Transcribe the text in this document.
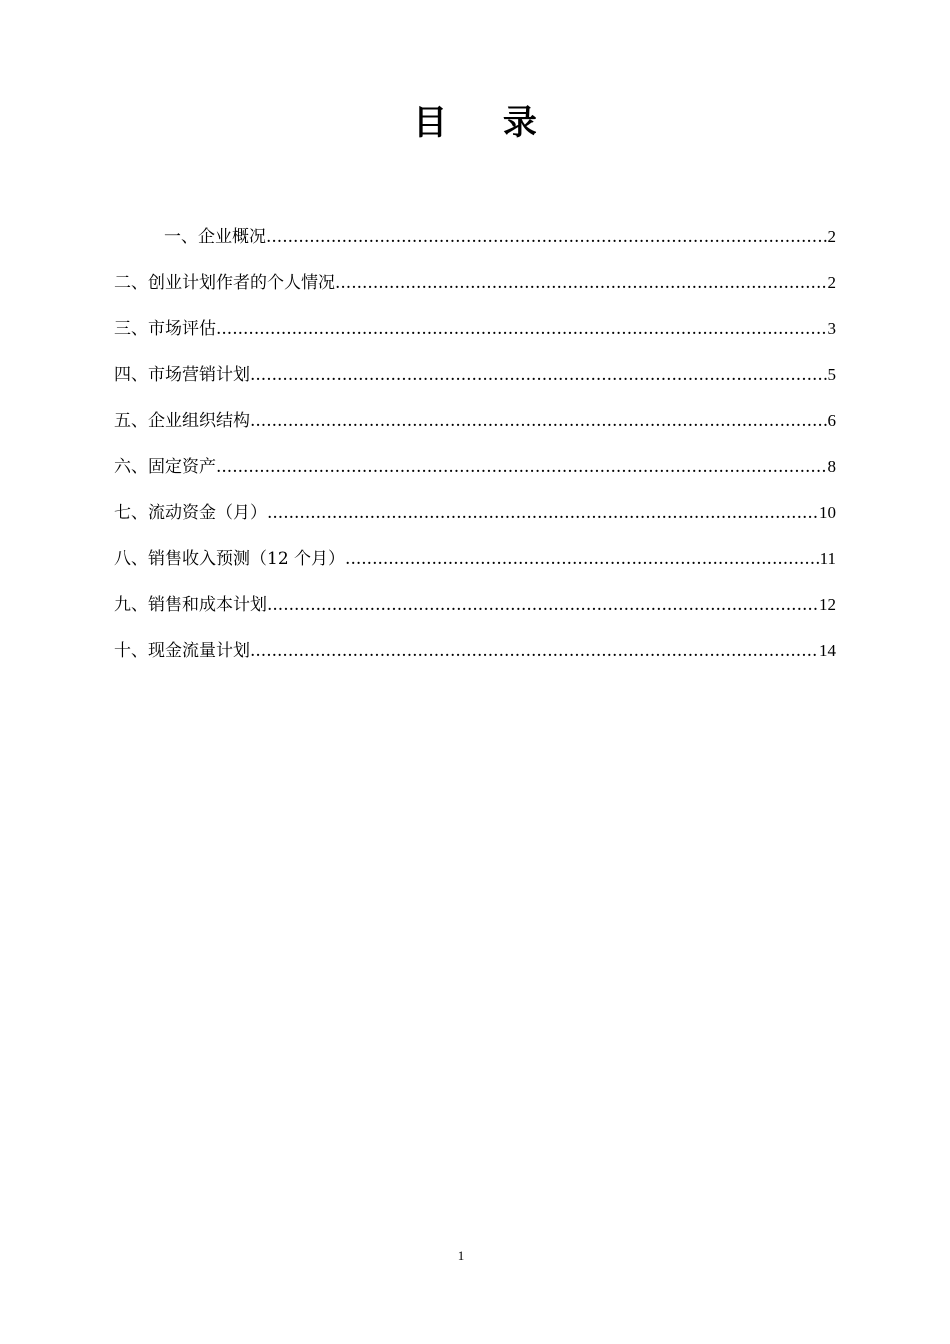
目 录
一、企业概况 .....	2
二、创业计划作者的个人情况 .....	2
三、市场评估 .....	3
四、市场营销计划 .....	5
五、企业组织结构 .....	6
六、固定资产 .....	8
七、流动资金（月） .....	10
八、销售收入预测（12 个月） .....	11
九、销售和成本计划 .....	12
十、现金流量计划 .....	14
1
